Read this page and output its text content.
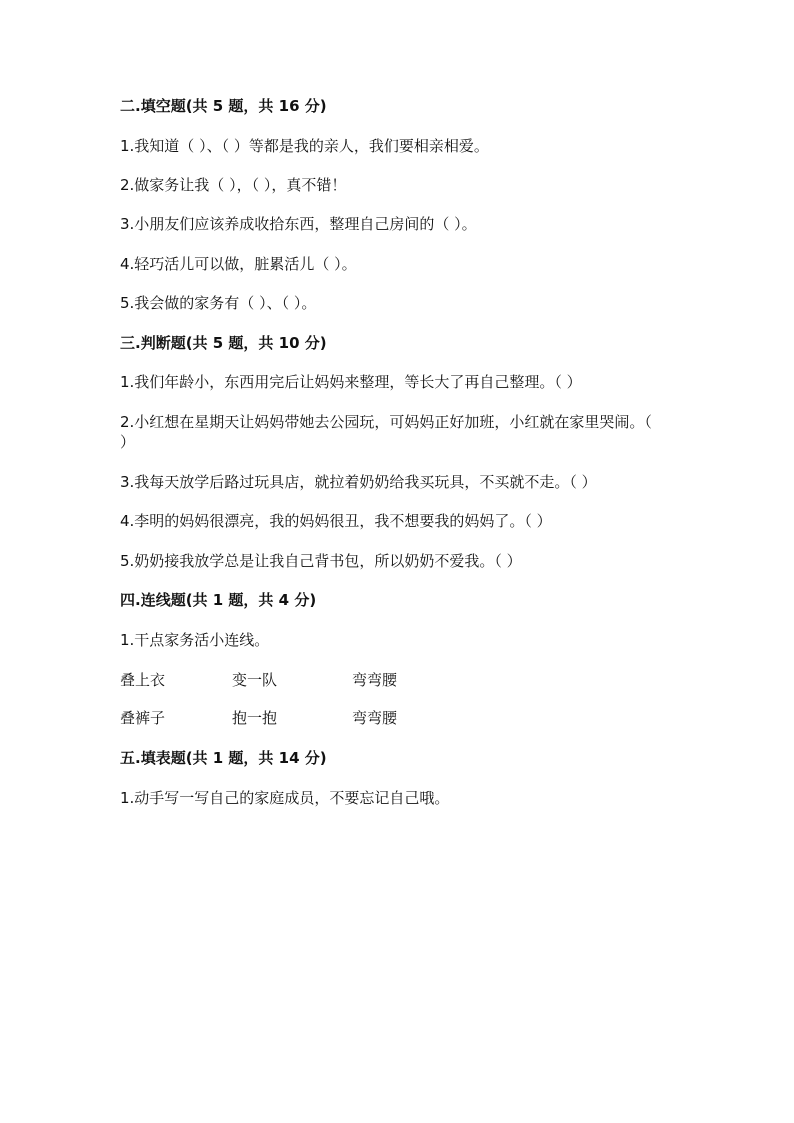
二.填空题(共 5 题，共 16 分)
1.我知道（ ）、（ ）等都是我的亲人，我们要相亲相爱。
2.做家务让我（ ），（ ），真不错！
3.小朋友们应该养成收拾东西，整理自己房间的（ ）。
4.轻巧活儿可以做，脏累活儿（ ）。
5.我会做的家务有（ ）、（ ）。
三.判断题(共 5 题，共 10 分)
1.我们年龄小，东西用完后让妈妈来整理，等长大了再自己整理。（ ）
2.小红想在星期天让妈妈带她去公园玩，可妈妈正好加班，小红就在家里哭闹。（ ）
3.我每天放学后路过玩具店，就拉着奶奶给我买玩具，不买就不走。（ ）
4.李明的妈妈很漂亮，我的妈妈很丑，我不想要我的妈妈了。（ ）
5.奶奶接我放学总是让我自己背书包，所以奶奶不爱我。（ ）
四.连线题(共 1 题，共 4 分)
1.干点家务活小连线。
叠上衣	变一队	弯弯腰
叠裤子	抱一抱	弯弯腰
五.填表题(共 1 题，共 14 分)
1.动手写一写自己的家庭成员，不要忘记自己哦。
